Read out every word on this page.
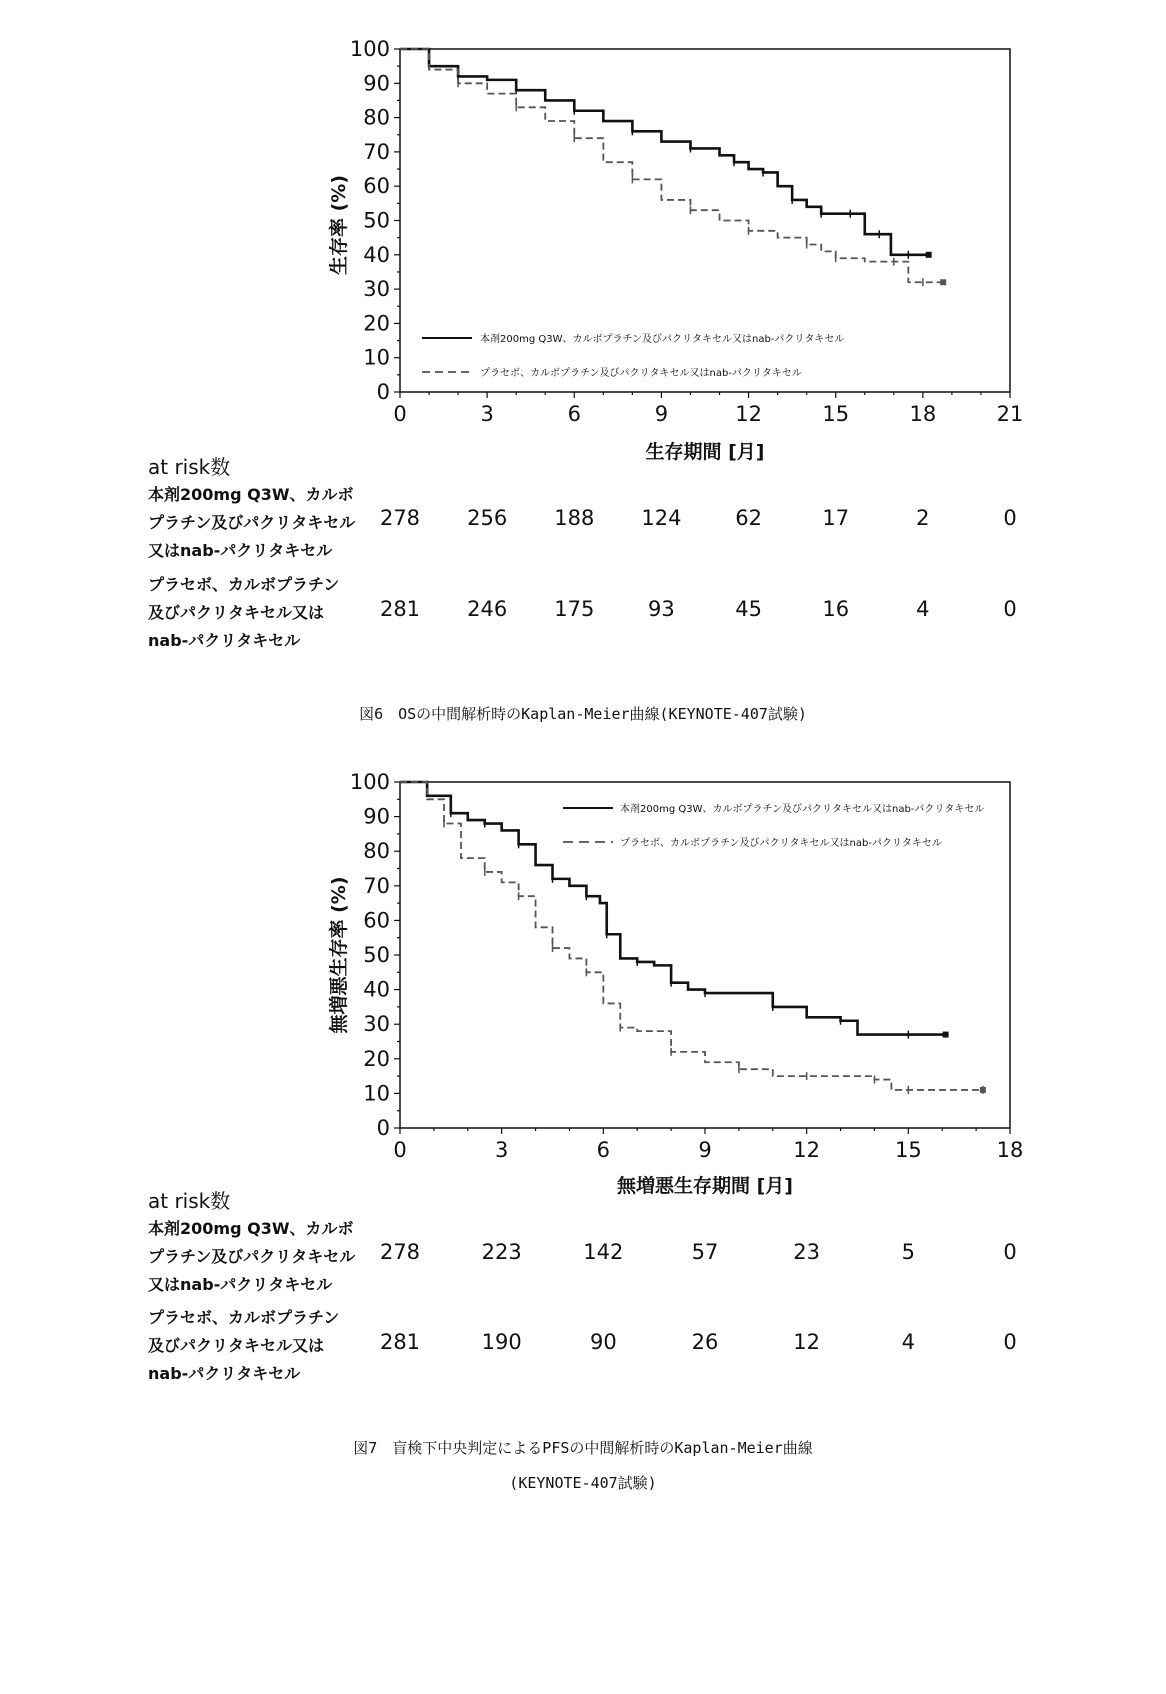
0
10
20
30
40
50
60
70
80
90
100
0	3	6	9	12	15	18	21
生存率 (%)
生存期間 [月]
本剤200mg Q3W、カルボプラチン及びパクリタキセル又はnab-パクリタキセル
プラセボ、カルボプラチン及びパクリタキセル又はnab-パクリタキセル
at risk数
本剤200mg Q3W、カルボ
プラチン及びパクリタキセル
又はnab-パクリタキセル
278 256 188 124	62	17	2	0
プラセボ、カルボプラチン
及びパクリタキセル又は
nab-パクリタキセル
281 246 175	93	45	16	4	0
0
10
20
30
40
50
60
70
80
90
100
0	3	6	9	12	15	18
無増悪生存率 (%)
無増悪生存期間 [月]
本剤200mg Q3W、カルボプラチン及びパクリタキセル又はnab-パクリタキセル
プラセボ、カルボプラチン及びパクリタキセル又はnab-パクリタキセル
at risk数
本剤200mg Q3W、カルボ
プラチン及びパクリタキセル
又はnab-パクリタキセル
278	223	142	57	23	5	0
プラセボ、カルボプラチン
及びパクリタキセル又は
nab-パクリタキセル
281	190	90	26	12	4	0
図6　OSの中間解析時のKaplan-Meier曲線(KEYNOTE-407試験)
図7　盲検下中央判定によるPFSの中間解析時のKaplan-Meier曲線
(KEYNOTE-407試験)
